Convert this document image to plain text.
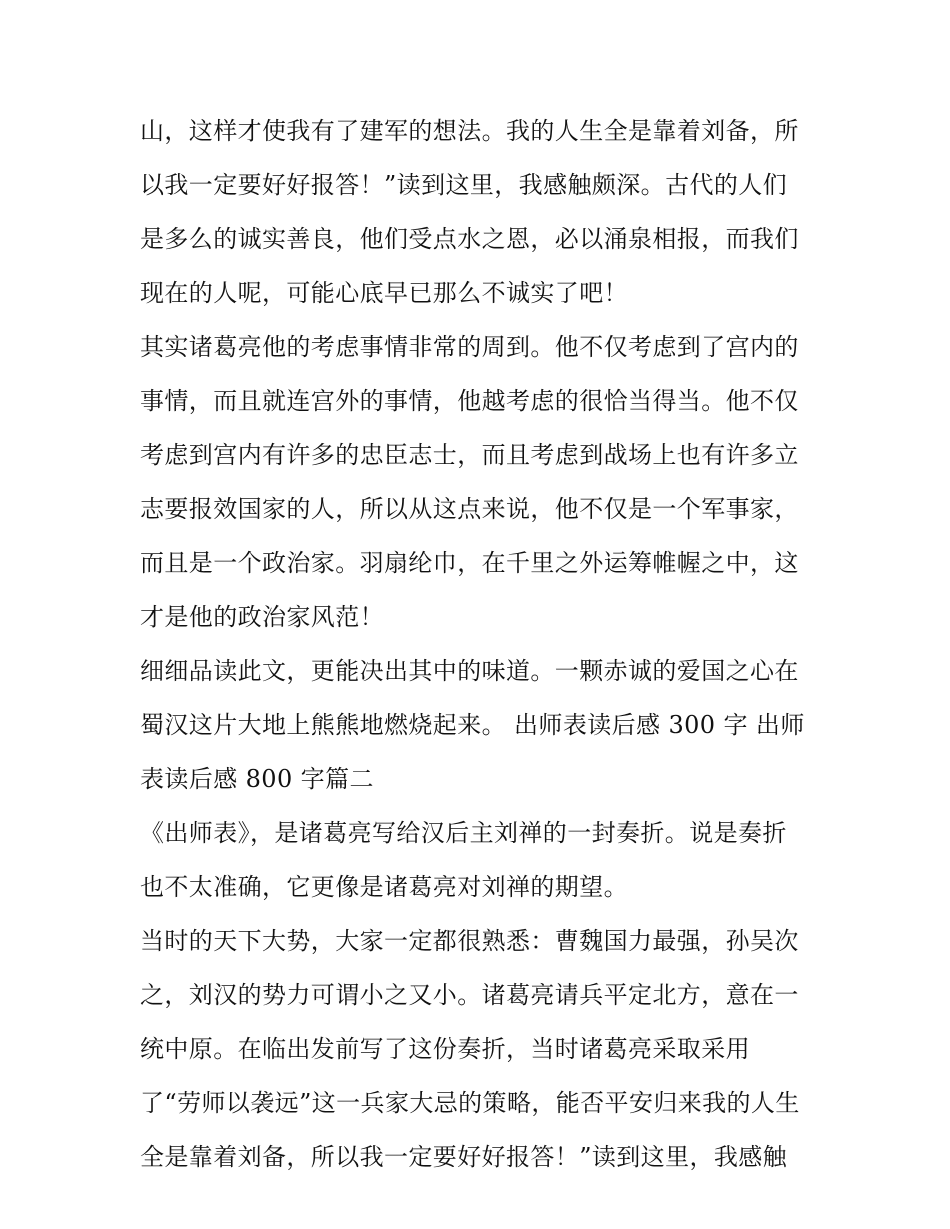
山，这样才使我有了建军的想法。我的人生全是靠着刘备，所
以我一定要好好报答！”读到这里，我感触颇深。古代的人们
是多么的诚实善良，他们受点水之恩，必以涌泉相报，而我们
现在的人呢，可能心底早已那么不诚实了吧！
其实诸葛亮他的考虑事情非常的周到。他不仅考虑到了宫内的
事情，而且就连宫外的事情，他越考虑的很恰当得当。他不仅
考虑到宫内有许多的忠臣志士，而且考虑到战场上也有许多立
志要报效国家的人，所以从这点来说，他不仅是一个军事家，
而且是一个政治家。羽扇纶巾，在千里之外运筹帷幄之中，这
才是他的政治家风范！
细细品读此文，更能决出其中的味道。一颗赤诚的爱国之心在
蜀汉这片大地上熊熊地燃烧起来。 出师表读后感 300 字 出师
表读后感 800 字篇二
《出师表》，是诸葛亮写给汉后主刘禅的一封奏折。说是奏折
也不太准确，它更像是诸葛亮对刘禅的期望。
当时的天下大势，大家一定都很熟悉：曹魏国力最强，孙吴次
之，刘汉的势力可谓小之又小。诸葛亮请兵平定北方，意在一
统中原。在临出发前写了这份奏折，当时诸葛亮采取采用
了“劳师以袭远”这一兵家大忌的策略，能否平安归来我的人生
全是靠着刘备，所以我一定要好好报答！”读到这里，我感触
